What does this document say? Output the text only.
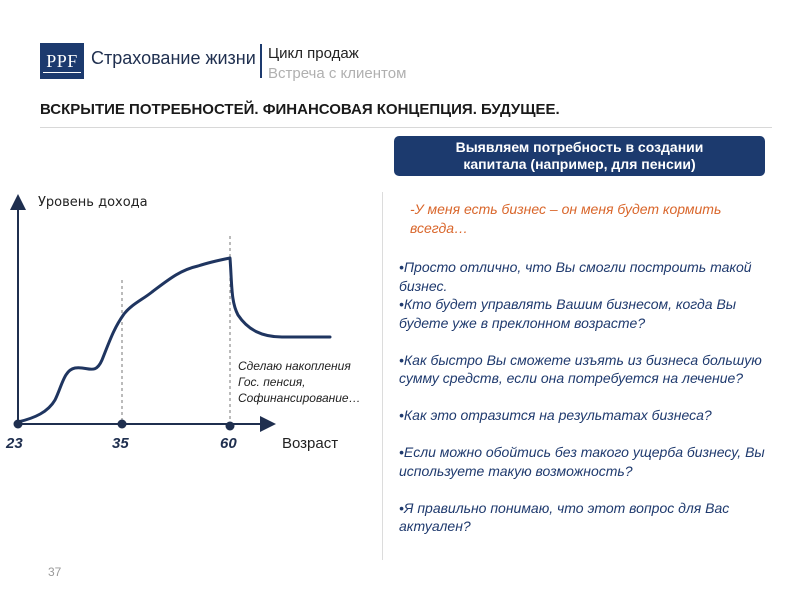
PPF Страхование жизни Цикл продаж
Встреча с клиентом
ВСКРЫТИЕ ПОТРЕБНОСТЕЙ. ФИНАНСОВАЯ КОНЦЕПЦИЯ. БУДУЩЕЕ.
Выявляем потребность в создании
капитала (например, для пенсии)
-У меня есть бизнес – он меня будет кормить всегда…
•Просто отлично, что Вы смогли построить такой бизнес.
•Кто будет управлять Вашим бизнесом, когда Вы будете уже в преклонном возрасте?
•Как быстро Вы сможете изъять из бизнеса большую сумму средств, если она потребуется на лечение?
•Как это отразится на результатах бизнеса?
•Если можно обойтись без такого ущерба бизнесу, Вы используете такую возможность?
•Я правильно понимаю, что этот вопрос для Вас актуален?
Уровень дохода
23	35	60	Возраст
Сделаю накопления
Гос. пенсия,
Софинансирование…
37
